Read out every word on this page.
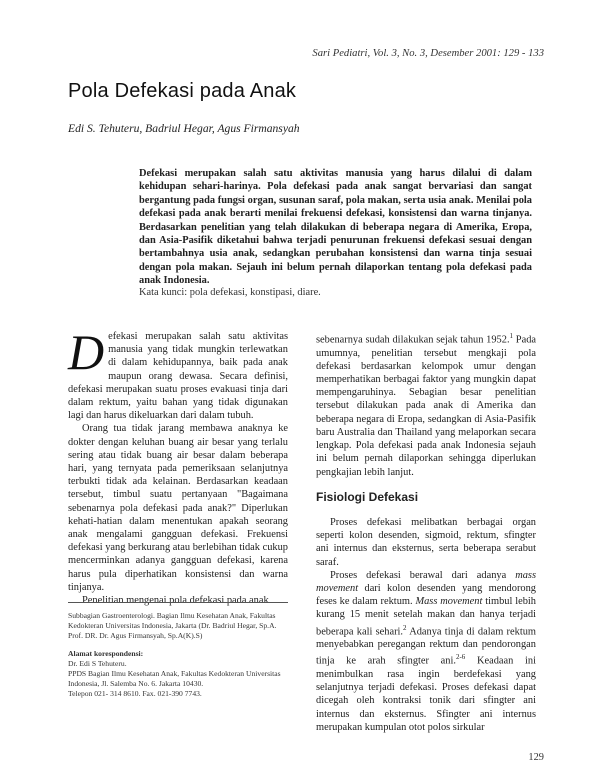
Sari Pediatri, Vol. 3, No. 3, Desember 2001: 129 - 133
Pola Defekasi pada Anak
Edi S. Tehuteru, Badriul Hegar, Agus Firmansyah

Defekasi merupakan salah satu aktivitas manusia yang harus dilalui di dalam kehidupan sehari-harinya. Pola defekasi pada anak sangat bervariasi dan sangat bergantung pada fungsi organ, susunan saraf, pola makan, serta usia anak. Menilai pola defekasi pada anak berarti menilai frekuensi defekasi, konsistensi dan warna tinjanya. Berdasarkan penelitian yang telah dilakukan di beberapa negara di Amerika, Eropa, dan Asia-Pasifik diketahui bahwa terjadi penurunan frekuensi defekasi sesuai dengan bertambahnya usia anak, sedangkan perubahan konsistensi dan warna tinja sesuai dengan pola makan. Sejauh ini belum pernah dilaporkan tentang pola defekasi pada anak Indonesia.

Kata kunci: pola defekasi, konstipasi, diare.

Defekasi merupakan salah satu aktivitas manusia yang tidak mungkin terlewatkan di dalam kehidupannya, baik pada anak maupun orang dewasa. Secara definisi, defekasi merupakan suatu proses evakuasi tinja dari dalam rektum, yaitu bahan yang tidak digunakan lagi dan harus dikeluarkan dari dalam tubuh.

Orang tua tidak jarang membawa anaknya ke dokter dengan keluhan buang air besar yang terlalu sering atau tidak buang air besar dalam beberapa hari, yang ternyata pada pemeriksaan selanjutnya terbukti tidak ada kelainan. Berdasarkan keadaan tersebut, timbul suatu pertanyaan "Bagaimana sebenarnya pola defekasi pada anak?" Diperlukan kehati-hatian dalam menentukan apakah seorang anak mengalami gangguan defekasi. Frekuensi defekasi yang berkurang atau berlebihan tidak cukup mencerminkan adanya gangguan defekasi, karena harus pula diperhatikan konsistensi dan warna tinjanya.

Penelitian mengenai pola defekasi pada anak

Subbagian Gastroenterologi. Bagian Ilmu Kesehatan Anak, Fakultas Kedokteran Universitas Indonesia, Jakarta (Dr. Badriul Hegar, Sp.A. Prof. DR. Dr. Agus Firmansyah, Sp.A(K).S)

Alamat korespondensi:

Dr. Edi S Tehuteru.

PPDS Bagian Ilmu Kesehatan Anak, Fakultas Kedokteran Universitas Indonesia, Jl. Salemba No. 6. Jakarta 10430.

Telepon 021- 314 8610. Fax. 021-390 7743.

sebenarnya sudah dilakukan sejak tahun 1952.$^1$ Pada umumnya, penelitian tersebut mengkaji pola defekasi berdasarkan kelompok umur dengan memperhatikan berbagai faktor yang mungkin dapat mempengaruhinya. Sebagian besar penelitian tersebut dilakukan pada anak di Amerika dan beberapa negara di Eropa, sedangkan di Asia-Pasifik baru Australia dan Thailand yang melaporkan secara lengkap. Pola defekasi pada anak Indonesia sejauh ini belum pernah dilaporkan sehingga diperlukan pengkajian lebih lanjut.

Fisiologi Defekasi

Proses defekasi melibatkan berbagai organ seperti kolon desenden, sigmoid, rektum, sfingter ani internus dan eksternus, serta beberapa serabut saraf.

Proses defekasi berawal dari adanya mass movement dari kolon desenden yang mendorong feses ke dalam rektum. Mass movement timbul lebih kurang 15 menit setelah makan dan hanya terjadi beberapa kali sehari.$^2$ Adanya tinja di dalam rektum menyebabkan peregangan rektum dan pendorongan tinja ke arah sfingter ani.$^{2-6}$ Keadaan ini menimbulkan rasa ingin berdefekasi yang selanjutnya terjadi defekasi. Proses defekasi dapat dicegah oleh kontraksi tonik dari sfingter ani internus dan eksternus. Sfingter ani internus merupakan kumpulan otot polos sirkular

129
